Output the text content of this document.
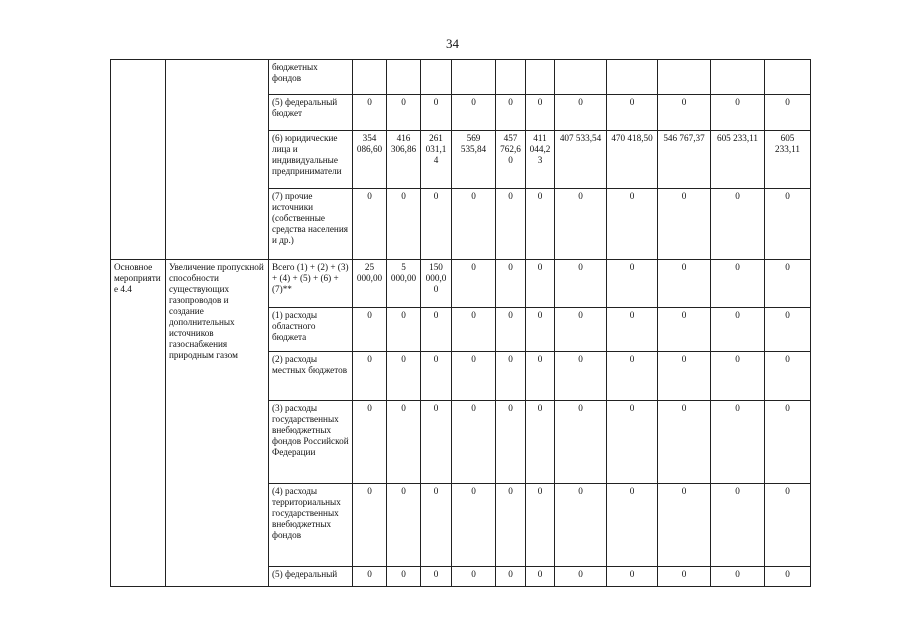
34
		бюджетных фондов											
		(5) федеральный бюджет	0	0	0	0	0	0	0	0	0	0	0
		(6) юридические лица и индивидуальные предприниматели	354 086,60	416 306,86	261 031,14	569 535,84	457 762,60	411 044,23	407 533,54	470 418,50	546 767,37	605 233,11	605 233,11
		(7) прочие источники (собственные средства населения и др.)	0	0	0	0	0	0	0	0	0	0	0
Основное мероприятие 4.4	Увеличение пропускной способности существующих газопроводов и создание дополнительных источников газоснабжения природным газом	Всего (1) + (2) + (3) + (4) + (5) + (6) + (7)**	25 000,00	5 000,00	150 000,00	0	0	0	0	0	0	0	0
		(1) расходы областного бюджета	0	0	0	0	0	0	0	0	0	0	0
		(2) расходы местных бюджетов	0	0	0	0	0	0	0	0	0	0	0
		(3) расходы государственных внебюджетных фондов Российской Федерации	0	0	0	0	0	0	0	0	0	0	0
		(4) расходы территориальных государственных внебюджетных фондов	0	0	0	0	0	0	0	0	0	0	0
		(5) федеральный	0	0	0	0	0	0	0	0	0	0	0
